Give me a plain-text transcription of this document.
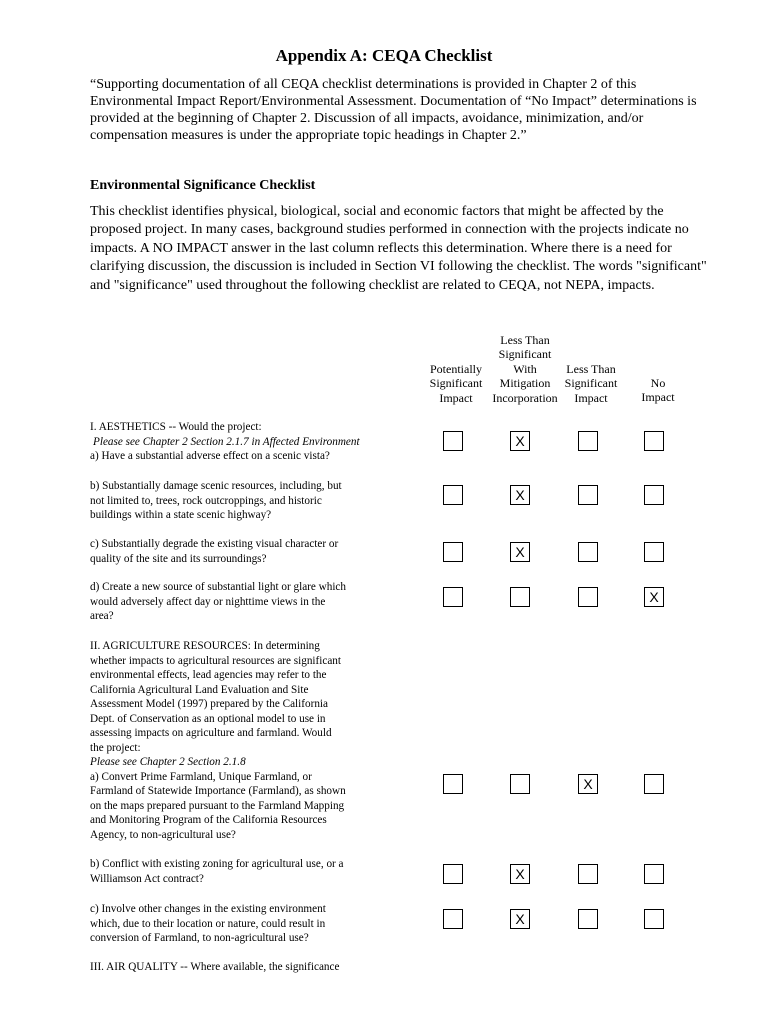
Appendix A: CEQA Checklist
“Supporting documentation of all CEQA checklist determinations is provided in Chapter 2 of this Environmental Impact Report/Environmental Assessment. Documentation of “No Impact” determinations is provided at the beginning of Chapter 2. Discussion of all impacts, avoidance, minimization, and/or compensation measures is under the appropriate topic headings in Chapter 2.”
Environmental Significance Checklist
This checklist identifies physical, biological, social and economic factors that might be affected by the proposed project. In many cases, background studies performed in connection with the projects indicate no impacts. A NO IMPACT answer in the last column reflects this determination. Where there is a need for clarifying discussion, the discussion is included in Section VI following the checklist. The words "significant" and "significance" used throughout the following checklist are related to CEQA, not NEPA, impacts.
Potentially
Significant
Impact
Less Than
Significant
With
Mitigation
Incorporation
Less Than
Significant
Impact
No
Impact
I. AESTHETICS -- Would the project:
Please see Chapter 2 Section 2.1.7 in Affected Environment
a) Have a substantial adverse effect on a scenic vista?
X
b) Substantially damage scenic resources, including, but
not limited to, trees, rock outcroppings, and historic
buildings within a state scenic highway?
X
c) Substantially degrade the existing visual character or
quality of the site and its surroundings?	X
d) Create a new source of substantial light or glare which
would adversely affect day or nighttime views in the
area?
X
II. AGRICULTURE RESOURCES: In determining
whether impacts to agricultural resources are significant
environmental effects, lead agencies may refer to the
California Agricultural Land Evaluation and Site
Assessment Model (1997) prepared by the California
Dept. of Conservation as an optional model to use in
assessing impacts on agriculture and farmland. Would
the project:
Please see Chapter 2 Section 2.1.8
a) Convert Prime Farmland, Unique Farmland, or
Farmland of Statewide Importance (Farmland), as shown
on the maps prepared pursuant to the Farmland Mapping
and Monitoring Program of the California Resources
Agency, to non-agricultural use?
X
b) Conflict with existing zoning for agricultural use, or a
Williamson Act contract?	X
c) Involve other changes in the existing environment
which, due to their location or nature, could result in
conversion of Farmland, to non-agricultural use?
X
III. AIR QUALITY -- Where available, the significance
